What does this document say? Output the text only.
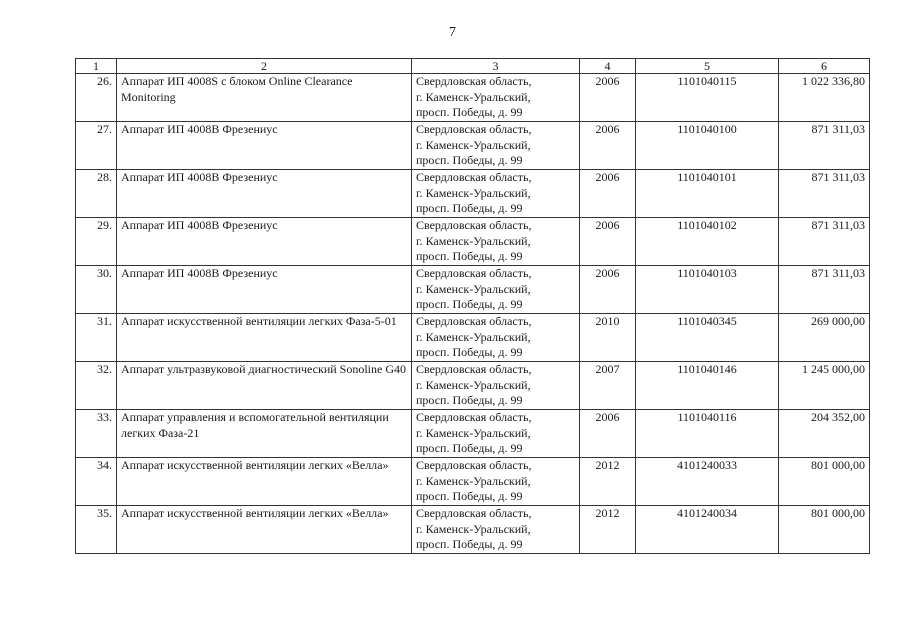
7
1	2	3	4	5	6
26.	Аппарат ИП 4008S с блоком Online Clearance Monitoring	Свердловская область,
г. Каменск-Уральский,
просп. Победы, д. 99	2006	1101040115	1 022 336,80
27.	Аппарат ИП 4008В Фрезениус	Свердловская область,
г. Каменск-Уральский,
просп. Победы, д. 99	2006	1101040100	871 311,03
28.	Аппарат ИП 4008В Фрезениус	Свердловская область,
г. Каменск-Уральский,
просп. Победы, д. 99	2006	1101040101	871 311,03
29.	Аппарат ИП 4008В Фрезениус	Свердловская область,
г. Каменск-Уральский,
просп. Победы, д. 99	2006	1101040102	871 311,03
30.	Аппарат ИП 4008В Фрезениус	Свердловская область,
г. Каменск-Уральский,
просп. Победы, д. 99	2006	1101040103	871 311,03
31.	Аппарат искусственной вентиляции легких Фаза-5-01	Свердловская область,
г. Каменск-Уральский,
просп. Победы, д. 99	2010	1101040345	269 000,00
32.	Аппарат ультразвуковой диагностический Sonoline G40	Свердловская область,
г. Каменск-Уральский,
просп. Победы, д. 99	2007	1101040146	1 245 000,00
33.	Аппарат управления и вспомогательной вентиляции легких Фаза-21	Свердловская область,
г. Каменск-Уральский,
просп. Победы, д. 99	2006	1101040116	204 352,00
34.	Аппарат искусственной вентиляции легких «Велла»	Свердловская область,
г. Каменск-Уральский,
просп. Победы, д. 99	2012	4101240033	801 000,00
35.	Аппарат искусственной вентиляции легких «Велла»	Свердловская область,
г. Каменск-Уральский,
просп. Победы, д. 99	2012	4101240034	801 000,00
